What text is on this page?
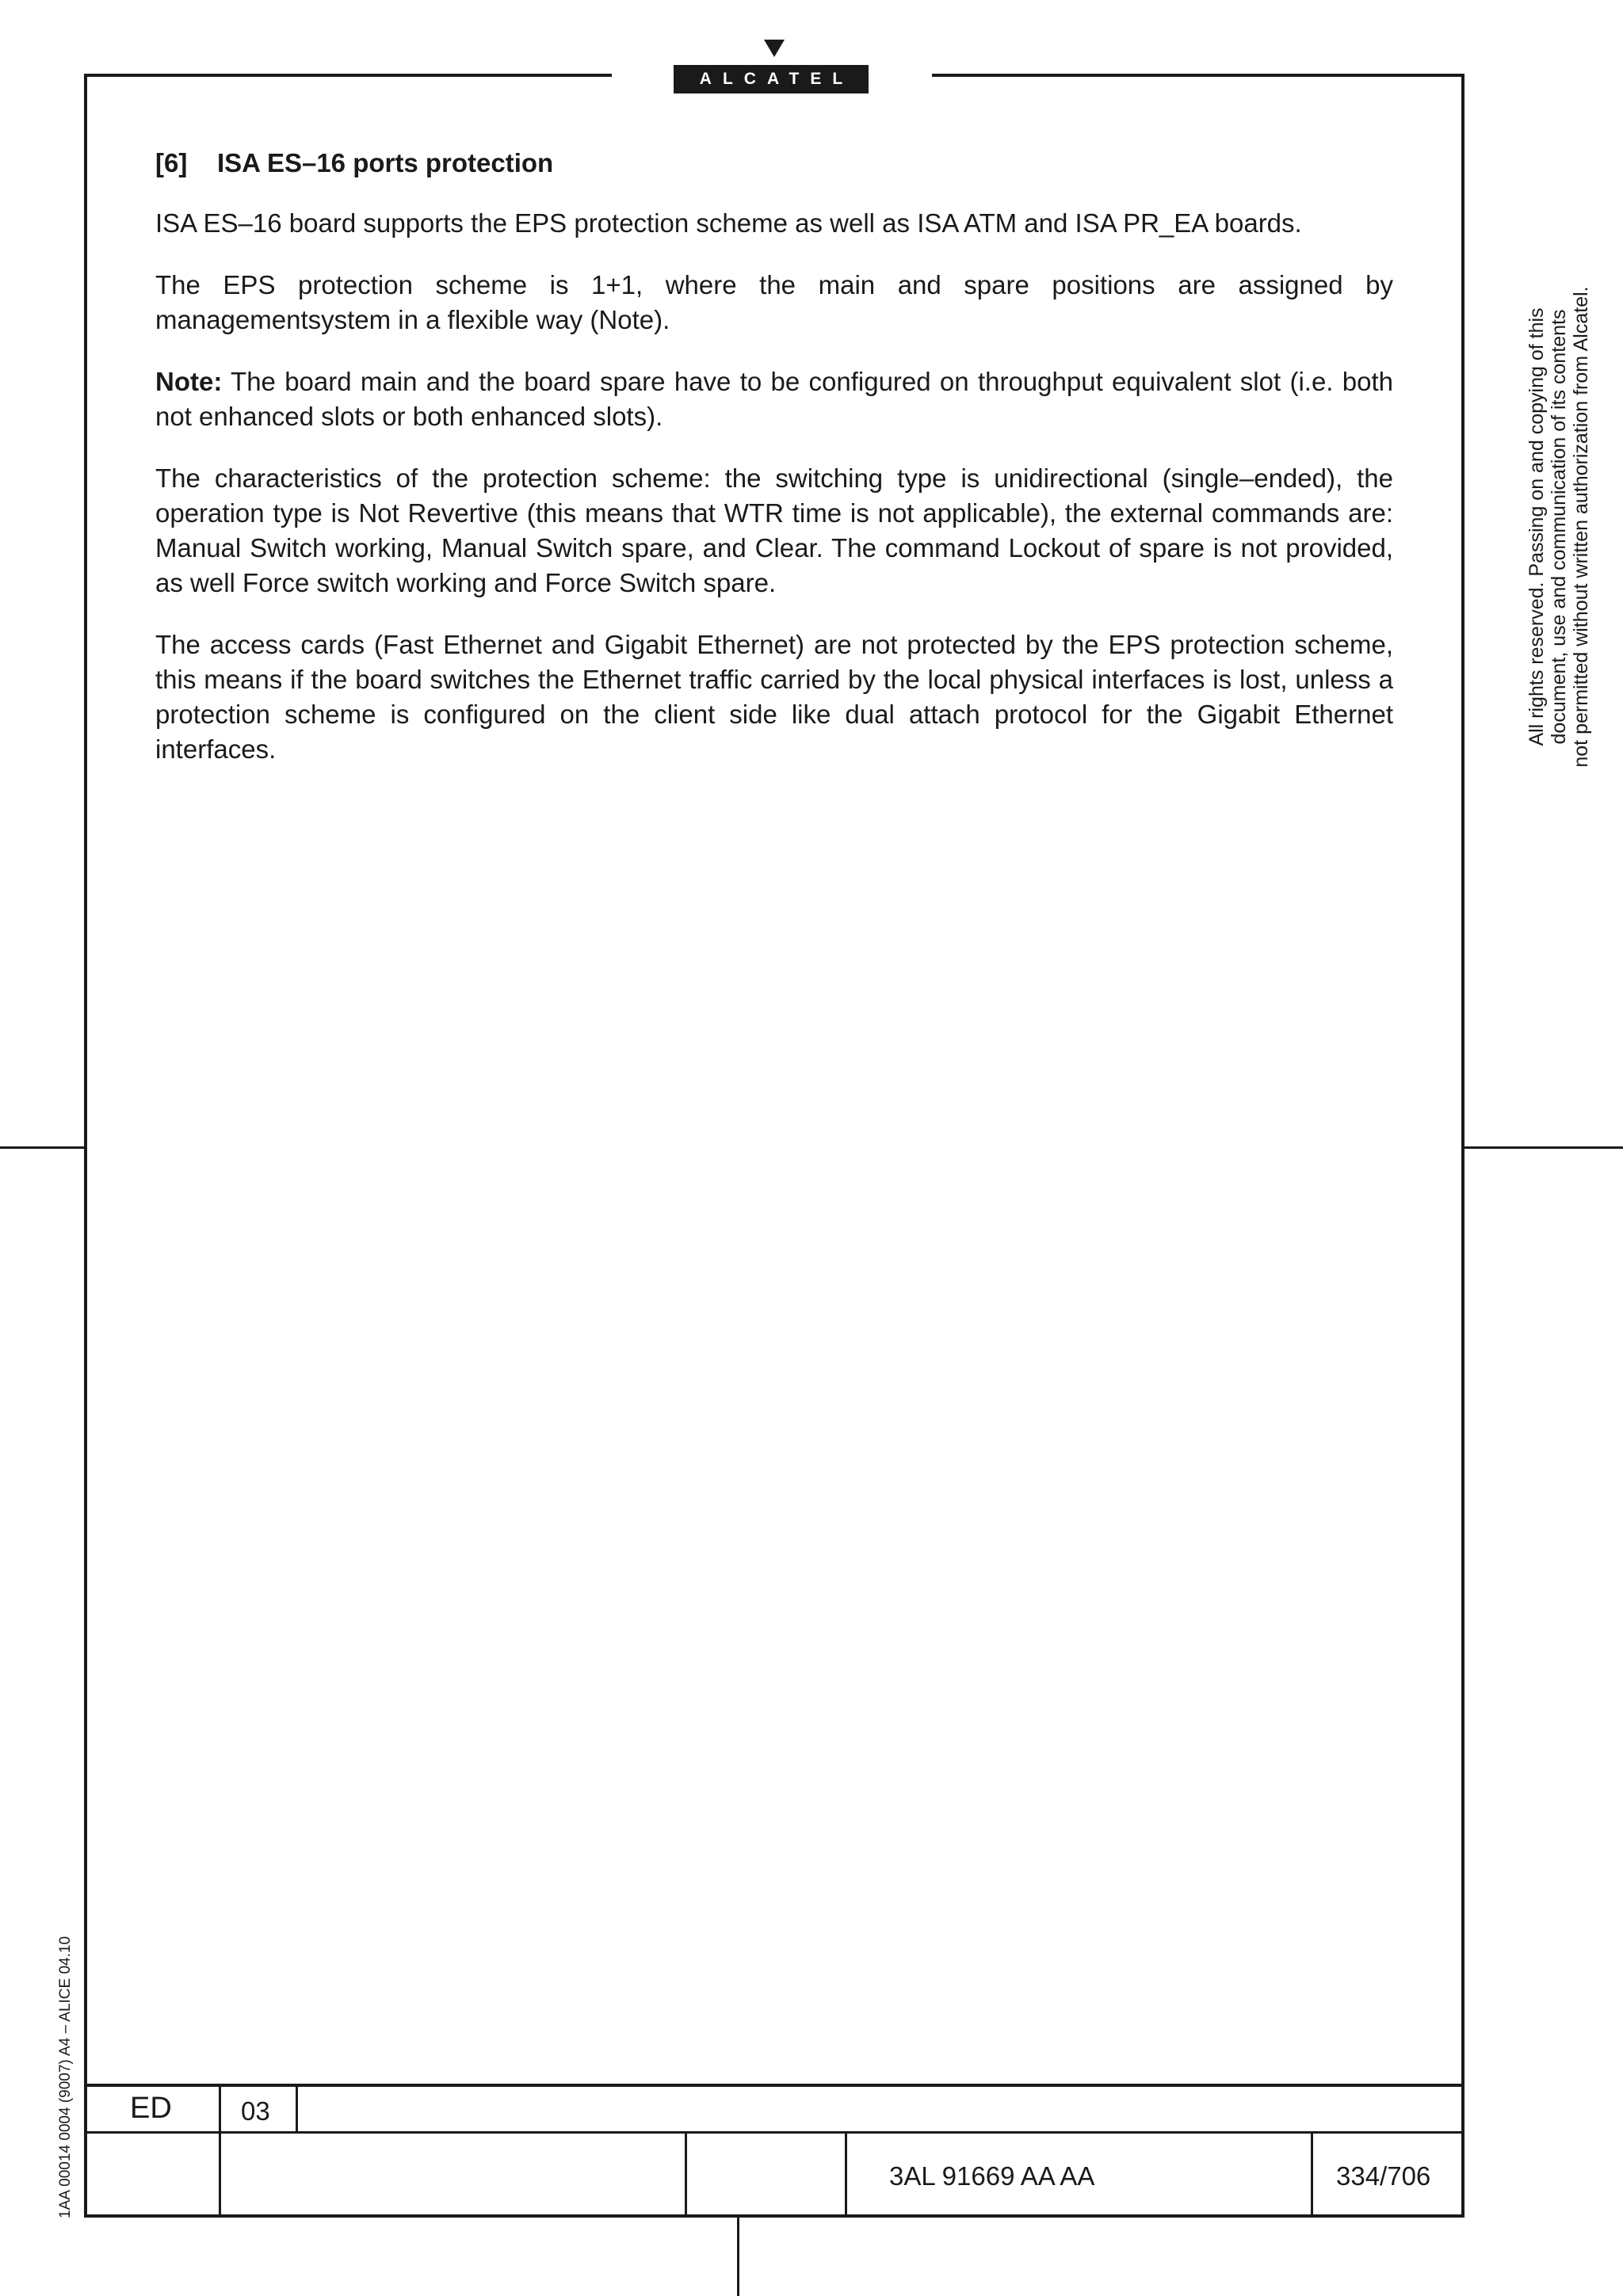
ALCATEL
[6] ISA ES–16 ports protection

ISA ES–16 board supports the EPS protection scheme as well as ISA ATM and ISA PR_EA boards.

The EPS protection scheme is 1+1, where the main and spare positions are assigned by managementsystem in a flexible way (Note).

Note: The board main and the board spare have to be configured on throughput equivalent slot (i.e. both not enhanced slots or both enhanced slots).

The characteristics of the protection scheme: the switching type is unidirectional (single–ended), the operation type is Not Revertive (this means that WTR time is not applicable), the external commands are: Manual Switch working, Manual Switch spare, and Clear. The command Lockout of spare is not provided, as well Force switch working and Force Switch spare.

The access cards (Fast Ethernet and Gigabit Ethernet) are not protected by the EPS protection scheme, this means if the board switches the Ethernet traffic carried by the local physical interfaces is lost, unless a protection scheme is configured on the client side like dual attach protocol for the Gigabit Ethernet interfaces.

All rights reserved. Passing on and copying of this document, use and communication of its contents not permitted without written authorization from Alcatel.
1AA 00014 0004 (9007) A4 – ALICE 04.10 ED	03
3AL 91669 AA AA	334/706
